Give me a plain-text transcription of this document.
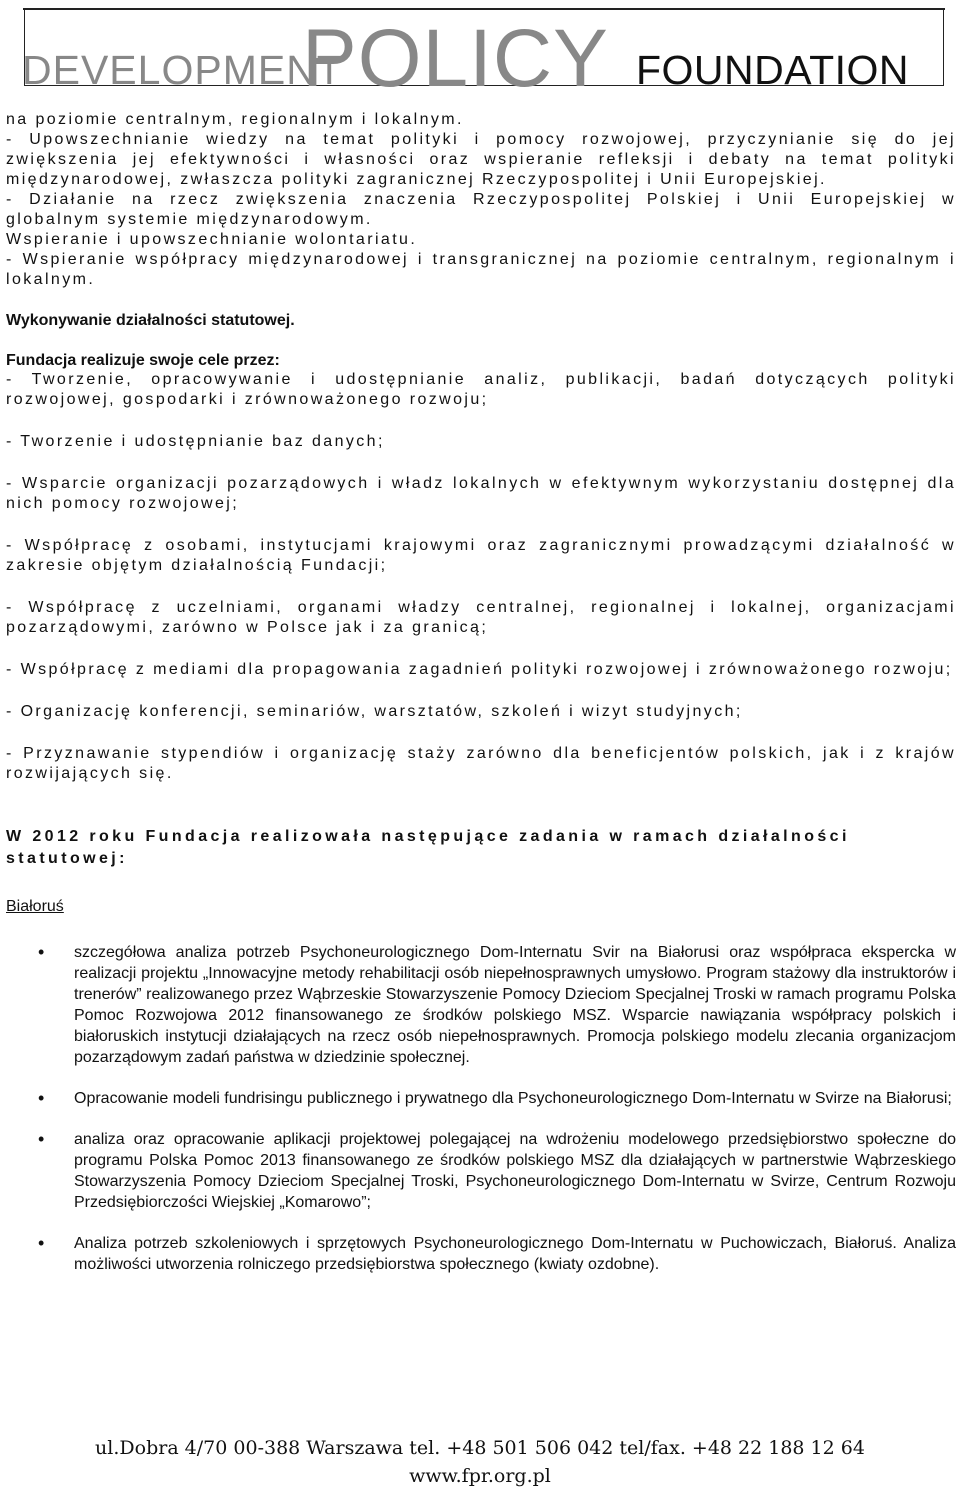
DEVELOPMENT
POLICY FOUNDATION

na poziomie centralnym, regionalnym i lokalnym.

- Upowszechnianie wiedzy na temat polityki i pomocy rozwojowej, przyczynianie się do jej zwiększenia jej efektywności i własności oraz wspieranie refleksji i debaty na temat polityki międzynarodowej, zwłaszcza polityki zagranicznej Rzeczypospolitej i Unii Europejskiej.

- Działanie na rzecz zwiększenia znaczenia Rzeczypospolitej Polskiej i Unii Europejskiej w globalnym systemie międzynarodowym.

Wspieranie i upowszechnianie wolontariatu.

- Wspieranie współpracy międzynarodowej i transgranicznej na poziomie centralnym, regionalnym i lokalnym.

Wykonywanie działalności statutowej.

Fundacja realizuje swoje cele przez:

- Tworzenie, opracowywanie i udostępnianie analiz, publikacji, badań dotyczących polityki rozwojowej, gospodarki i zrównoważonego rozwoju;

- Tworzenie i udostępnianie baz danych;

- Wsparcie organizacji pozarządowych i władz lokalnych w efektywnym wykorzystaniu dostępnej dla nich pomocy rozwojowej;

- Współpracę z osobami, instytucjami krajowymi oraz zagranicznymi prowadzącymi działalność w zakresie objętym działalnością Fundacji;

- Współpracę z uczelniami, organami władzy centralnej, regionalnej i lokalnej, organizacjami pozarządowymi, zarówno w Polsce jak i za granicą;

- Współpracę z mediami dla propagowania zagadnień polityki rozwojowej i zrównoważonego rozwoju;

- Organizację konferencji, seminariów, warsztatów, szkoleń i wizyt studyjnych;

- Przyznawanie stypendiów i organizację staży zarówno dla beneficjentów polskich, jak i z krajów rozwijających się.

W 2012 roku Fundacja realizowała następujące zadania w ramach działalności statutowej:

Białoruś

• szczegółowa analiza potrzeb Psychoneurologicznego Dom-Internatu Svir na Białorusi oraz współpraca ekspercka w realizacji projektu „Innowacyjne metody rehabilitacji osób niepełnosprawnych umysłowo. Program stażowy dla instruktorów i trenerów” realizowanego przez Wąbrzeskie Stowarzyszenie Pomocy Dzieciom Specjalnej Troski w ramach programu Polska Pomoc Rozwojowa 2012 finansowanego ze środków polskiego MSZ. Wsparcie nawiązania współpracy polskich i białoruskich instytucji działających na rzecz osób niepełnosprawnych. Promocja polskiego modelu zlecania organizacjom pozarządowym zadań państwa w dziedzinie społecznej.
• Opracowanie modeli fundrisingu publicznego i prywatnego dla Psychoneurologicznego Dom-Internatu w Svirze na Białorusi;
• analiza oraz opracowanie aplikacji projektowej polegającej na wdrożeniu modelowego przedsiębiorstwo społeczne do programu Polska Pomoc 2013 finansowanego ze środków polskiego MSZ dla działających w partnerstwie Wąbrzeskiego Stowarzyszenia Pomocy Dzieciom Specjalnej Troski, Psychoneurologicznego Dom-Internatu w Svirze, Centrum Rozwoju Przedsiębiorczości Wiejskiej „Komarowo”;
• Analiza potrzeb szkoleniowych i sprzętowych Psychoneurologicznego Dom-Internatu w Puchowiczach, Białoruś. Analiza możliwości utworzenia rolniczego przedsiębiorstwa społecznego (kwiaty ozdobne).
ul.Dobra 4/70 00-388 Warszawa tel. +48 501 506 042 tel/fax. +48 22 188 12 64
www.fpr.org.pl
